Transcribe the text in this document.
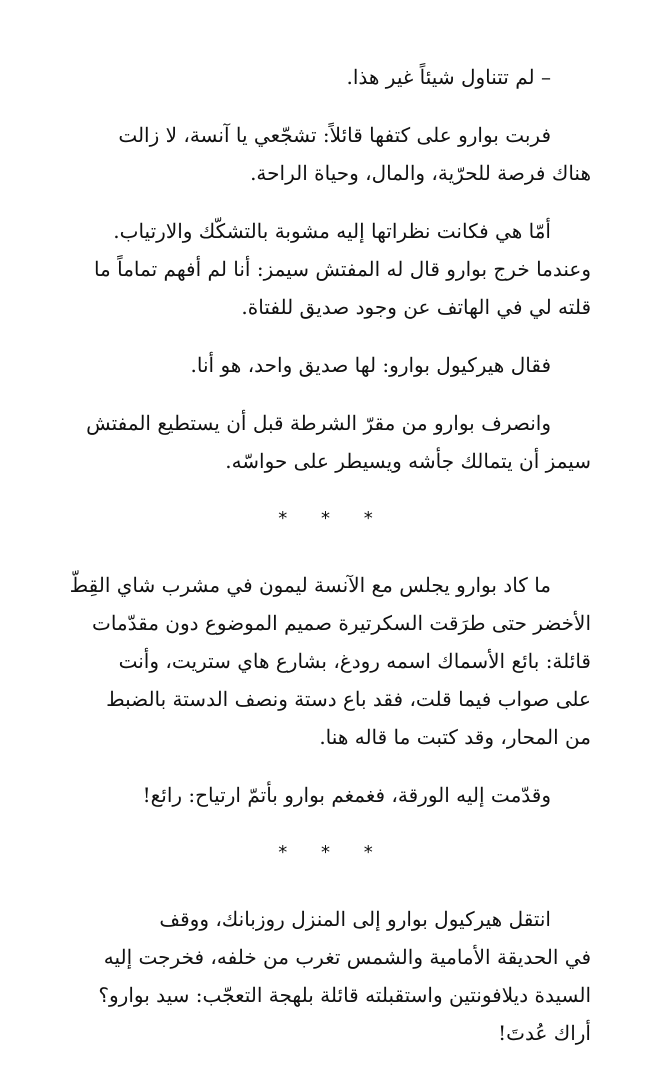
– لم تتناول شيئاً غير هذا.
فربت بوارو على كتفها قائلاً: تشجّعي يا آنسة، لا زالت
هناك فرصة للحرّية، والمال، وحياة الراحة.
أمّا هي فكانت نظراتها إليه مشوبة بالتشكّك والارتياب.
وعندما خرج بوارو قال له المفتش سيمز: أنا لم أفهم تماماً ما
قلته لي في الهاتف عن وجود صديق للفتاة.
فقال هيركيول بوارو: لها صديق واحد، هو أنا.
وانصرف بوارو من مقرّ الشرطة قبل أن يستطيع المفتش
سيمز أن يتمالك جأشه ويسيطر على حواسّه.
* * *
ما كاد بوارو يجلس مع الآنسة ليمون في مشرب شاي القِطّ
الأخضر حتى طرَقت السكرتيرة صميم الموضوع دون مقدّمات
قائلة: بائع الأسماك اسمه رودغ، بشارع هاي ستريت، وأنت
على صواب فيما قلت، فقد باع دستة ونصف الدستة بالضبط
من المحار، وقد كتبت ما قاله هنا.
وقدّمت إليه الورقة، فغمغم بوارو بأتمّ ارتياح: رائع!
* * *
انتقل هيركيول بوارو إلى المنزل روزبانك، ووقف
في الحديقة الأمامية والشمس تغرب من خلفه، فخرجت إليه
السيدة ديلافونتين واستقبلته قائلة بلهجة التعجّب: سيد بوارو؟
أراك عُدتَ!
